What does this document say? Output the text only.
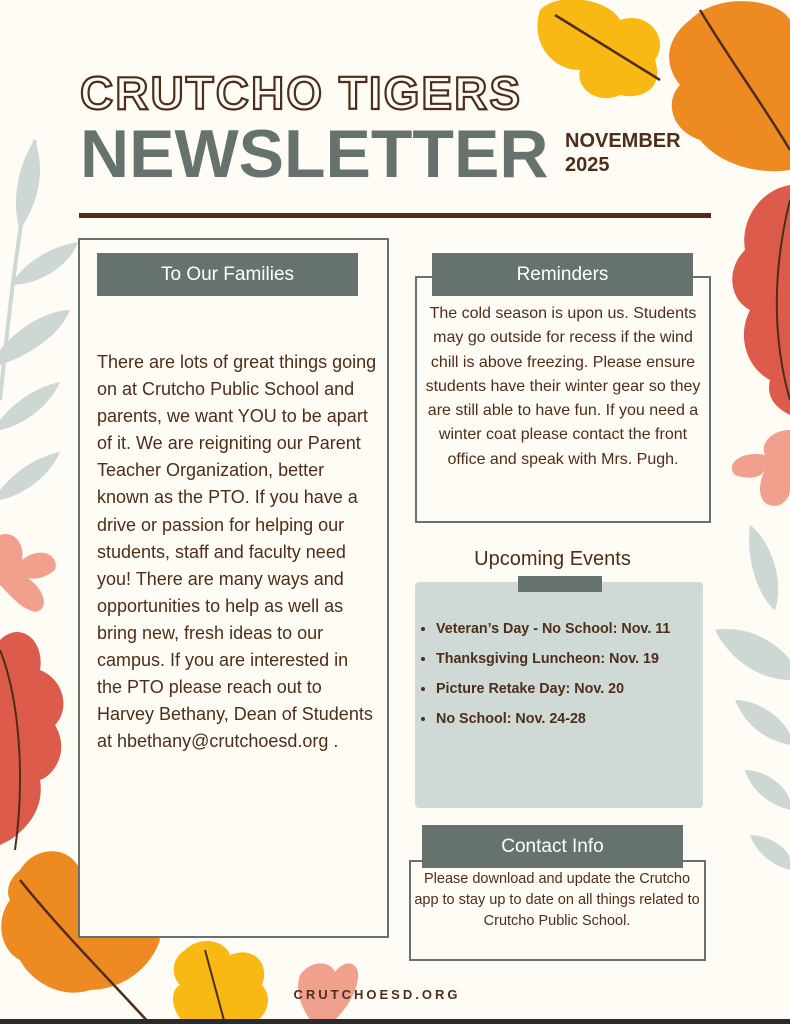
CRUTCHO TIGERS
NEWSLETTER NOVEMBER
2025
To Our Families
There are lots of great things going on at Crutcho Public School and parents, we want YOU to be apart of it. We are reigniting our Parent Teacher Organization, better known as the PTO. If you have a drive or passion for helping our students, staff and faculty need you! There are many ways and opportunities to help as well as bring new, fresh ideas to our campus. If you are interested in the PTO please reach out to Harvey Bethany, Dean of Students at hbethany@crutchoesd.org .
Reminders
The cold season is upon us. Students may go outside for recess if the wind chill is above freezing. Please ensure students have their winter gear so they are still able to have fun. If you need a winter coat please contact the front office and speak with Mrs. Pugh.
Upcoming Events
• Veteran’s Day - No School: Nov. 11
• Thanksgiving Luncheon: Nov. 19
• Picture Retake Day: Nov. 20
• No School: Nov. 24-28
Contact Info
Please download and update the Crutcho app to stay up to date on all things related to Crutcho Public School.
CRUTCHOESD.ORG
